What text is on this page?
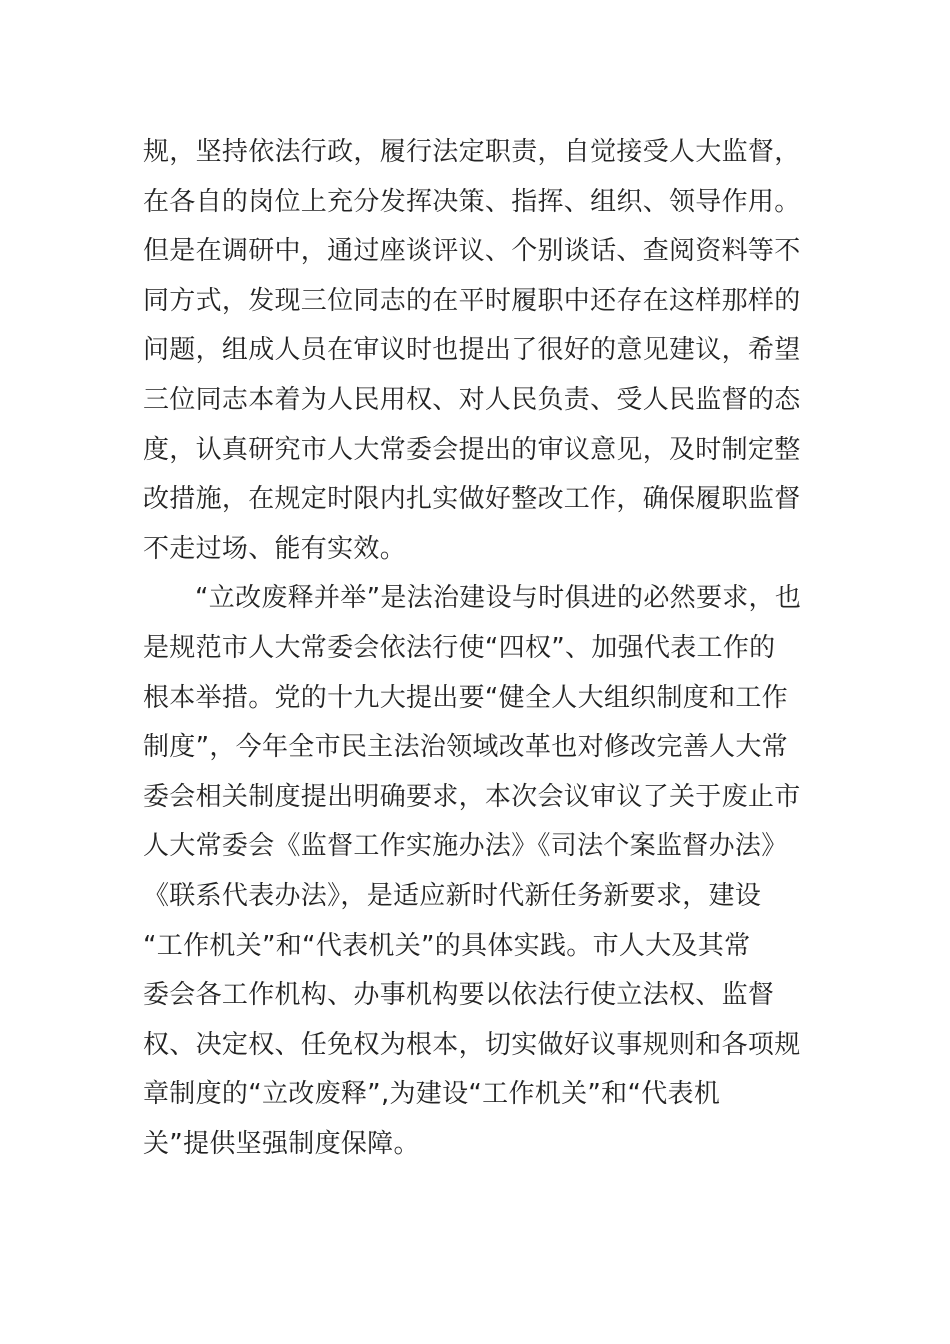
规，坚持依法行政，履行法定职责，自觉接受人大监督，
在各自的岗位上充分发挥决策、指挥、组织、领导作用。
但是在调研中，通过座谈评议、个别谈话、查阅资料等不
同方式，发现三位同志的在平时履职中还存在这样那样的
问题，组成人员在审议时也提出了很好的意见建议，希望
三位同志本着为人民用权、对人民负责、受人民监督的态
度，认真研究市人大常委会提出的审议意见，及时制定整
改措施，在规定时限内扎实做好整改工作，确保履职监督
不走过场、能有实效。
“立改废释并举”是法治建设与时俱进的必然要求，也
是规范市人大常委会依法行使“四权”、加强代表工作的
根本举措。党的十九大提出要“健全人大组织制度和工作
制度”，今年全市民主法治领域改革也对修改完善人大常
委会相关制度提出明确要求，本次会议审议了关于废止市
人大常委会《监督工作实施办法》《司法个案监督办法》
《联系代表办法》，是适应新时代新任务新要求，建设
“工作机关”和“代表机关”的具体实践。市人大及其常
委会各工作机构、办事机构要以依法行使立法权、监督
权、决定权、任免权为根本，切实做好议事规则和各项规
章制度的“立改废释”,为建设“工作机关”和“代表机
关”提供坚强制度保障。
